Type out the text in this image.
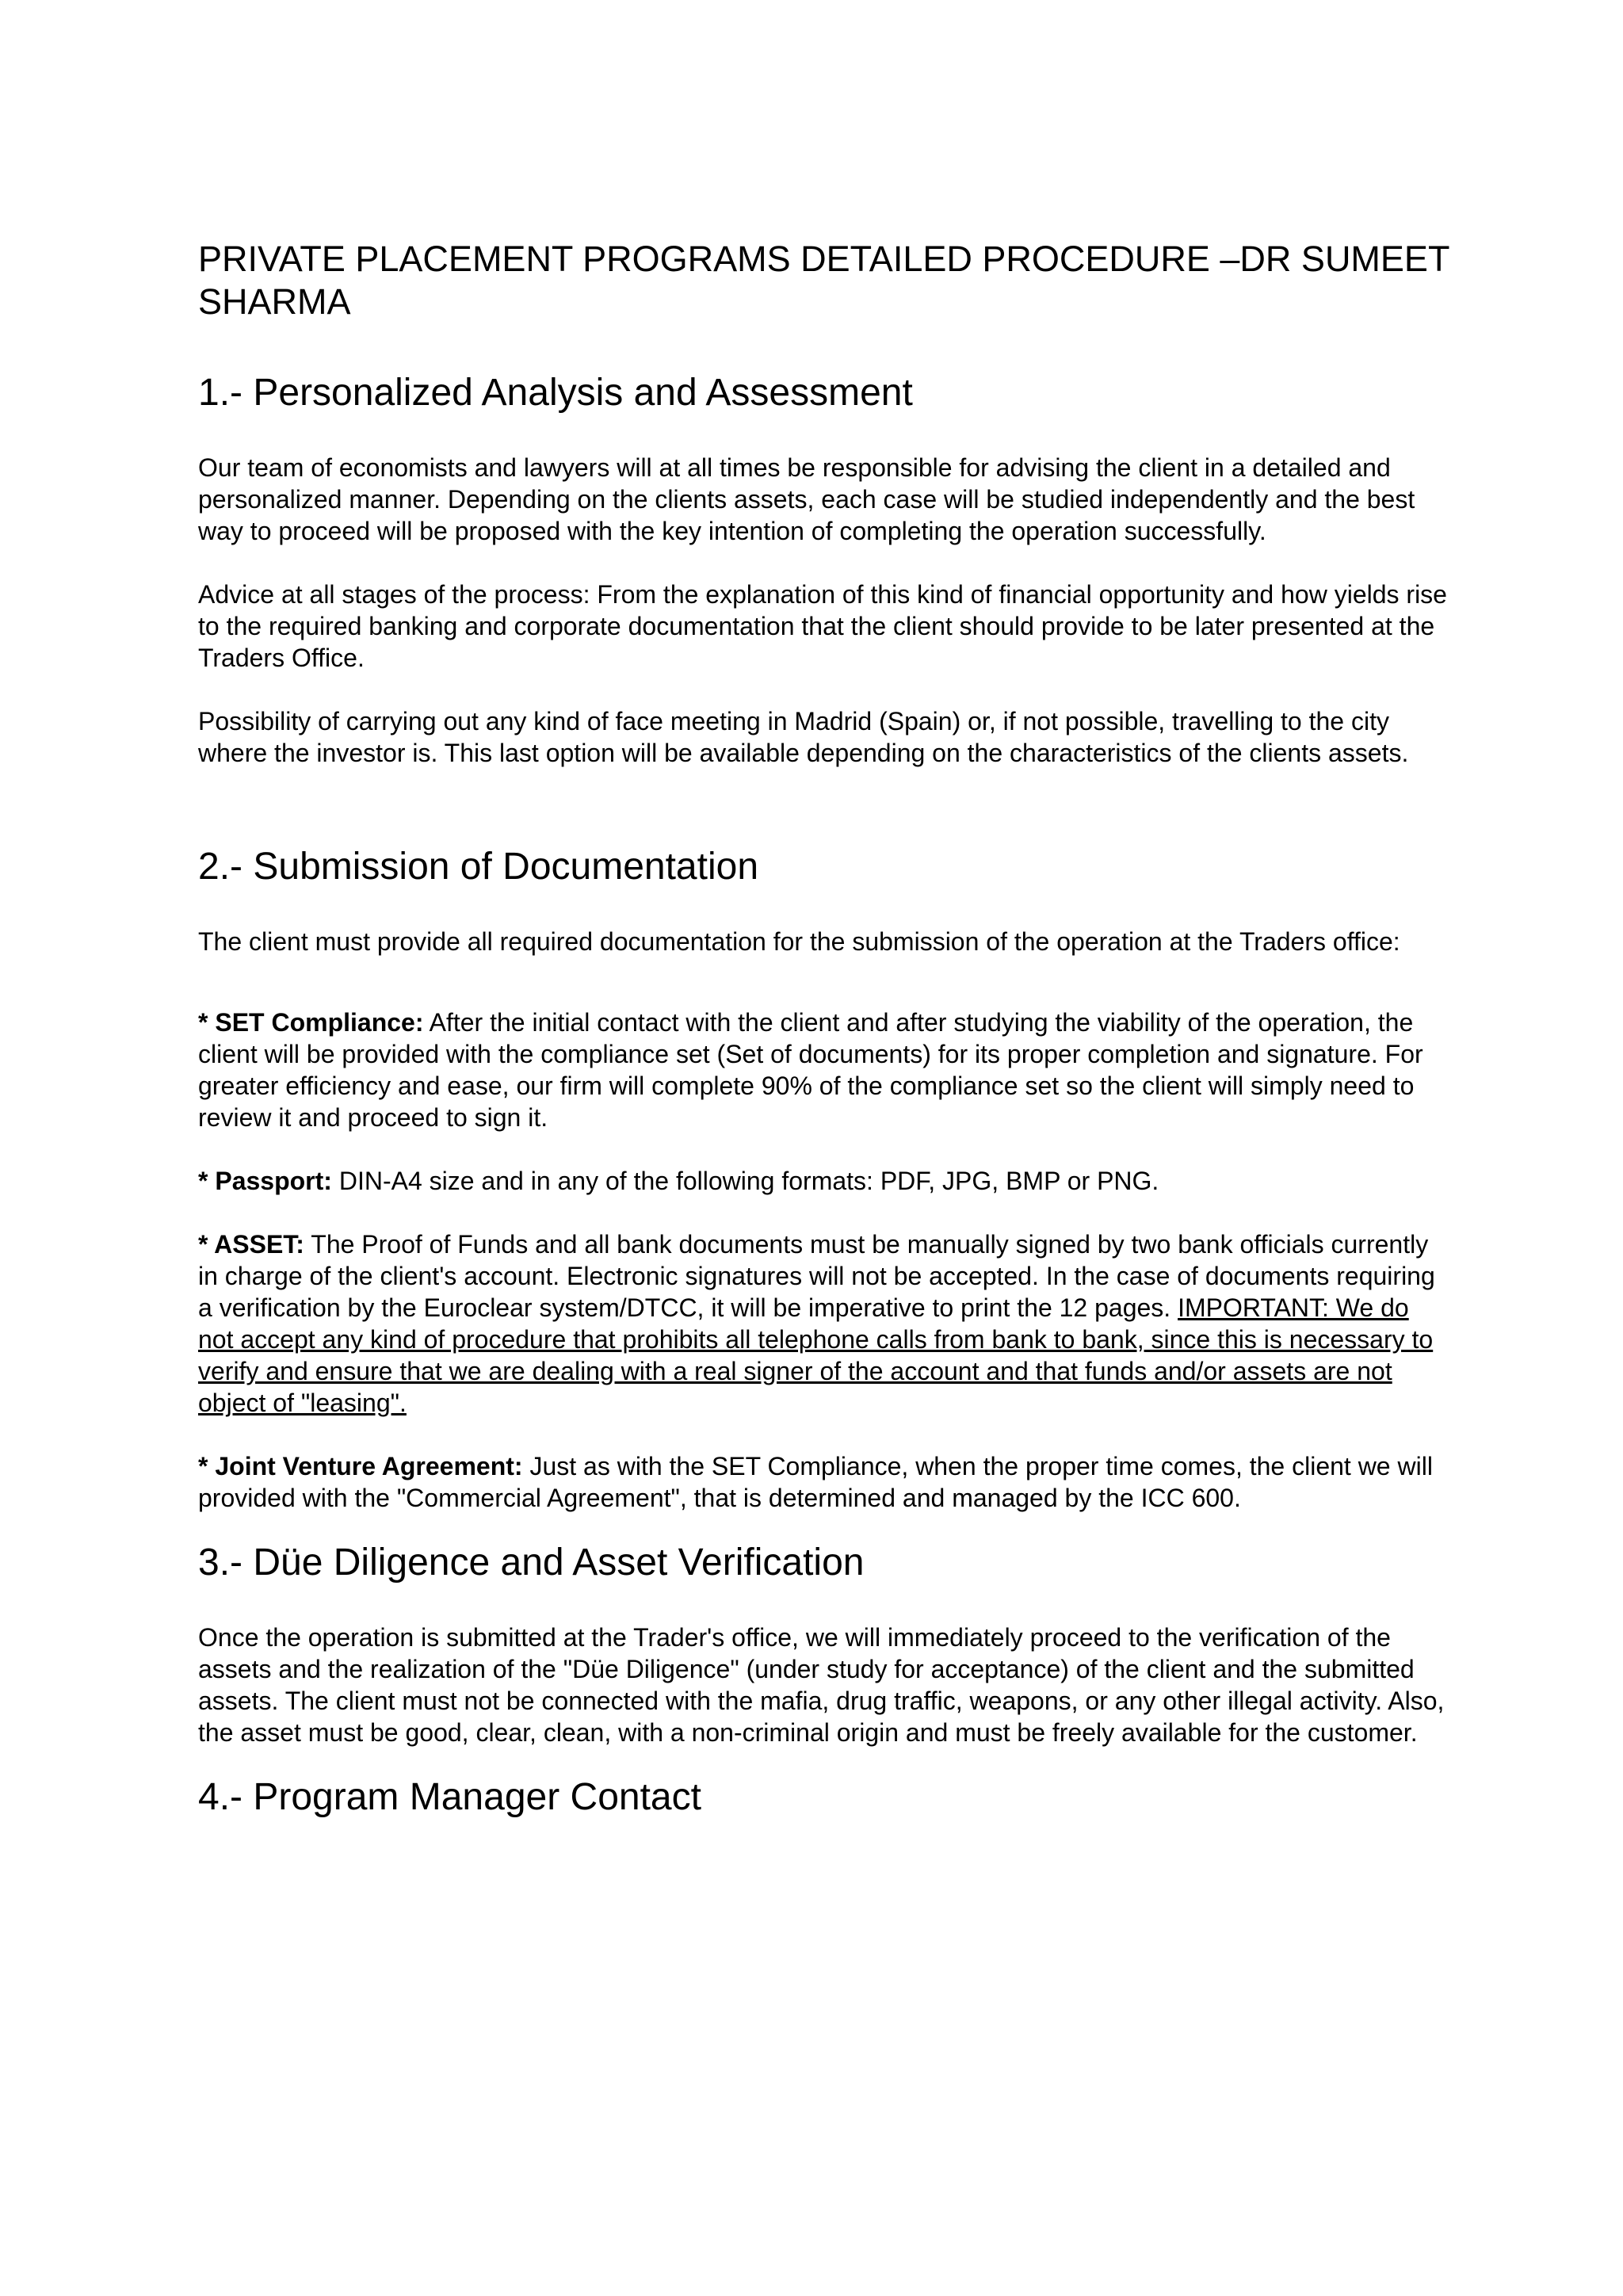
PRIVATE PLACEMENT PROGRAMS DETAILED PROCEDURE –DR SUMEET SHARMA
1.- Personalized Analysis and Assessment

Our team of economists and lawyers will at all times be responsible for advising the client in a detailed and personalized manner. Depending on the clients assets, each case will be studied independently and the best way to proceed will be proposed with the key intention of completing the operation successfully.

Advice at all stages of the process: From the explanation of this kind of financial opportunity and how yields rise to the required banking and corporate documentation that the client should provide to be later presented at the Traders Office.

Possibility of carrying out any kind of face meeting in Madrid (Spain) or, if not possible, travelling to the city where the investor is. This last option will be available depending on the characteristics of the clients assets.

2.- Submission of Documentation

The client must provide all required documentation for the submission of the operation at the Traders office:

* SET Compliance: After the initial contact with the client and after studying the viability of the operation, the client will be provided with the compliance set (Set of documents) for its proper completion and signature. For greater efficiency and ease, our firm will complete 90% of the compliance set so the client will simply need to review it and proceed to sign it.

* Passport: DIN-A4 size and in any of the following formats: PDF, JPG, BMP or PNG.

* ASSET: The Proof of Funds and all bank documents must be manually signed by two bank officials currently in charge of the client's account. Electronic signatures will not be accepted. In the case of documents requiring a verification by the Euroclear system/DTCC, it will be imperative to print the 12 pages. IMPORTANT: We do not accept any kind of procedure that prohibits all telephone calls from bank to bank, since this is necessary to verify and ensure that we are dealing with a real signer of the account and that funds and/or assets are not object of "leasing".

* Joint Venture Agreement: Just as with the SET Compliance, when the proper time comes, the client we will provided with the "Commercial Agreement", that is determined and managed by the ICC 600.

3.- Düe Diligence and Asset Verification

Once the operation is submitted at the Trader's office, we will immediately proceed to the verification of the assets and the realization of the "Düe Diligence" (under study for acceptance) of the client and the submitted assets. The client must not be connected with the mafia, drug traffic, weapons, or any other illegal activity. Also, the asset must be good, clear, clean, with a non-criminal origin and must be freely available for the customer.

4.- Program Manager Contact
